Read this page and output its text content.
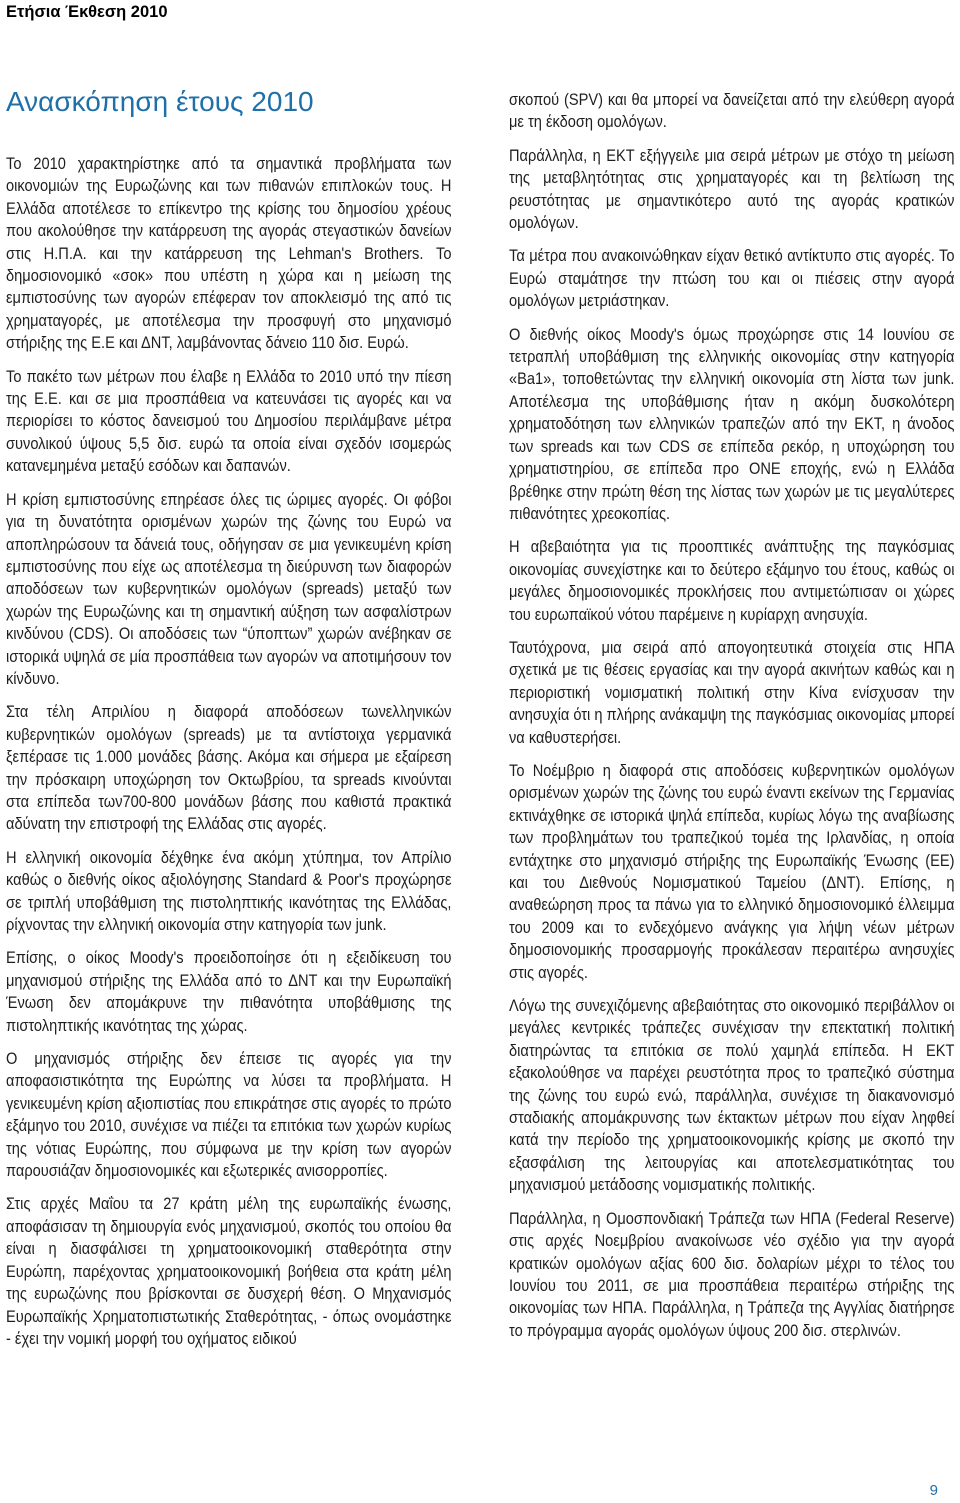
Ετήσια Έκθεση 2010
Ανασκόπηση έτους 2010

Το 2010 χαρακτηρίστηκε από τα σημαντικά προβλήματα των οικονομιών της Ευρωζώνης και των πιθανών επιπλοκών τους. Η Ελλάδα αποτέλεσε το επίκεντρο της κρίσης του δημοσίου χρέους που ακολούθησε την κατάρρευση της αγοράς στεγαστικών δανείων στις Η.Π.Α. και την κατάρρευση της Lehman's Brothers. Το δημοσιονομικό «σοκ» που υπέστη η χώρα και η μείωση της εμπιστοσύνης των αγορών επέφεραν τον αποκλεισμό της από τις χρηματαγορές, με αποτέλεσμα την προσφυγή στο μηχανισμό στήριξης της Ε.Ε και ΔΝΤ, λαμβάνοντας δάνειο 110 δισ. Ευρώ.

Το πακέτο των μέτρων που έλαβε η Ελλάδα το 2010 υπό την πίεση της Ε.Ε. και σε μια προσπάθεια να κατευνάσει τις αγορές και να περιορίσει το κόστος δανεισμού του Δημοσίου περιλάμβανε μέτρα συνολικού ύψους 5,5 δισ. ευρώ τα οποία είναι σχεδόν ισομερώς κατανεμημένα μεταξύ εσόδων και δαπανών.

Η κρίση εμπιστοσύνης επηρέασε όλες τις ώριμες αγορές. Οι φόβοι για τη δυνατότητα ορισμένων χωρών της ζώνης του Ευρώ να αποπληρώσουν τα δάνειά τους, οδήγησαν σε μια γενικευμένη κρίση εμπιστοσύνης που είχε ως αποτέλεσμα τη διεύρυνση των διαφορών αποδόσεων των κυβερνητικών ομολόγων (spreads) μεταξύ των χωρών της Ευρωζώνης και τη σημαντική αύξηση των ασφαλίστρων κινδύνου (CDS). Οι αποδόσεις των “ύποπτων” χωρών ανέβηκαν σε ιστορικά υψηλά σε μία προσπάθεια των αγορών να αποτιμήσουν τον κίνδυνο.

Στα τέλη Απριλίου η διαφορά αποδόσεων τωνελληνικών κυβερνητικών ομολόγων (spreads) με τα αντίστοιχα γερμανικά ξεπέρασε τις 1.000 μονάδες βάσης. Ακόμα και σήμερα με εξαίρεση την πρόσκαιρη υποχώρηση τον Οκτωβρίου, τα spreads κινούνται στα επίπεδα των700-800 μονάδων βάσης που καθιστά πρακτικά αδύνατη την επιστροφή της Ελλάδας στις αγορές.

Η ελληνική οικονομία δέχθηκε ένα ακόμη χτύπημα, τον Απρίλιο καθώς ο διεθνής οίκος αξιολόγησης Standard & Poor's προχώρησε σε τριπλή υποβάθμιση της πιστοληπτικής ικανότητας της Ελλάδας, ρίχνοντας την ελληνική οικονομία στην κατηγορία των junk.

Επίσης, ο οίκος Moody's προειδοποίησε ότι η εξειδίκευση του μηχανισμού στήριξης της Ελλάδα από το ΔΝΤ και την Ευρωπαϊκή Ένωση δεν απομάκρυνε την πιθανότητα υποβάθμισης της πιστοληπτικής ικανότητας της χώρας.

Ο μηχανισμός στήριξης δεν έπεισε τις αγορές για την αποφασιστικότητα της Ευρώπης να λύσει τα προβλήματα. Η γενικευμένη κρίση αξιοπιστίας που επικράτησε στις αγορές το πρώτο εξάμηνο του 2010, συνέχισε να πιέζει τα επιτόκια των χωρών κυρίως της νότιας Ευρώπης, που σύμφωνα με την κρίση των αγορών παρουσιάζαν δημοσιονομικές και εξωτερικές ανισορροπίες.

Στις αρχές Μαΐου τα 27 κράτη μέλη της ευρωπαϊκής ένωσης, αποφάσισαν τη δημιουργία ενός μηχανισμού, σκοπός του οποίου θα είναι η διασφάλισει τη χρηματοοικονομική σταθερότητα στην Ευρώπη, παρέχοντας χρηματοοικονομική βοήθεια στα κράτη μέλη της ευρωζώνης που βρίσκονται σε δυσχερή θέση. Ο Μηχανισμός Ευρωπαϊκής Χρηματοπιστωτικής Σταθερότητας, - όπως ονομάστηκε - έχει την νομική μορφή του οχήματος ειδικού

σκοπού (SPV) και θα μπορεί να δανείζεται από την ελεύθερη αγορά με τη έκδοση ομολόγων.

Παράλληλα, η ΕΚΤ εξήγγειλε μια σειρά μέτρων με στόχο τη μείωση της μεταβλητότητας στις χρηματαγορές και τη βελτίωση της ρευστότητας με σημαντικότερο αυτό της αγοράς κρατικών ομολόγων.

Τα μέτρα που ανακοινώθηκαν είχαν θετικό αντίκτυπο στις αγορές. Το Ευρώ σταμάτησε την πτώση του και οι πιέσεις στην αγορά ομολόγων μετριάστηκαν.

Ο διεθνής οίκος Moody's όμως προχώρησε στις 14 Ιουνίου σε τετραπλή υποβάθμιση της ελληνικής οικονομίας στην κατηγορία «Ba1», τοποθετώντας την ελληνική οικονομία στη λίστα των junk. Αποτέλεσμα της υποβάθμισης ήταν η ακόμη δυσκολότερη χρηματοδότηση των ελληνικών τραπεζών από την ΕΚΤ, η άνοδος των spreads και των CDS σε επίπεδα ρεκόρ, η υποχώρηση του χρηματιστηρίου, σε επίπεδα προ ΟΝΕ εποχής, ενώ η Ελλάδα βρέθηκε στην πρώτη θέση της λίστας των χωρών με τις μεγαλύτερες πιθανότητες χρεοκοπίας.

Η αβεβαιότητα για τις προοπτικές ανάπτυξης της παγκόσμιας οικονομίας συνεχίστηκε και το δεύτερο εξάμηνο του έτους, καθώς οι μεγάλες δημοσιονομικές προκλήσεις που αντιμετώπισαν οι χώρες του ευρωπαϊκού νότου παρέμεινε η κυρίαρχη ανησυχία.

Ταυτόχρονα, μια σειρά από απογοητευτικά στοιχεία στις ΗΠΑ σχετικά με τις θέσεις εργασίας και την αγορά ακινήτων καθώς και η περιοριστική νομισματική πολιτική στην Κίνα ενίσχυσαν την ανησυχία ότι η πλήρης ανάκαμψη της παγκόσμιας οικονομίας μπορεί να καθυστερήσει.

Το Νοέμβριο η διαφορά στις αποδόσεις κυβερνητικών ομολόγων ορισμένων χωρών της ζώνης του ευρώ έναντι εκείνων της Γερμανίας εκτινάχθηκε σε ιστορικά ψηλά επίπεδα, κυρίως λόγω της αναβίωσης των προβλημάτων του τραπεζικού τομέα της Ιρλανδίας, η οποία εντάχτηκε στο μηχανισμό στήριξης της Ευρωπαϊκής Ένωσης (ΕΕ) και του Διεθνούς Νομισματικού Ταμείου (ΔΝΤ). Επίσης, η αναθεώρηση προς τα πάνω για το ελληνικό δημοσιονομικό έλλειμμα του 2009 και το ενδεχόμενο ανάγκης για λήψη νέων μέτρων δημοσιονομικής προσαρμογής προκάλεσαν περαιτέρω ανησυχίες στις αγορές.

Λόγω της συνεχιζόμενης αβεβαιότητας στο οικονομικό περιβάλλον οι μεγάλες κεντρικές τράπεζες συνέχισαν την επεκτατική πολιτική διατηρώντας τα επιτόκια σε πολύ χαμηλά επίπεδα. Η ΕΚΤ εξακολούθησε να παρέχει ρευστότητα προς το τραπεζικό σύστημα της ζώνης του ευρώ ενώ, παράλληλα, συνέχισε τη διακανονισμό σταδιακής απομάκρυνσης των έκτακτων μέτρων που είχαν ληφθεί κατά την περίοδο της χρηματοοικονομικής κρίσης με σκοπό την εξασφάλιση της λειτουργίας και αποτελεσματικότητας του μηχανισμού μετάδοσης νομισματικής πολιτικής.

Παράλληλα, η Ομοσπονδιακή Τράπεζα των ΗΠΑ (Federal Reserve) στις αρχές Νοεμβρίου ανακοίνωσε νέο σχέδιο για την αγορά κρατικών ομολόγων αξίας 600 δισ. δολαρίων μέχρι το τέλος του Ιουνίου του 2011, σε μια προσπάθεια περαιτέρω στήριξης της οικονομίας των ΗΠΑ. Παράλληλα, η Τράπεζα της Αγγλίας διατήρησε το πρόγραμμα αγοράς ομολόγων ύψους 200 δισ. στερλινών.

9
